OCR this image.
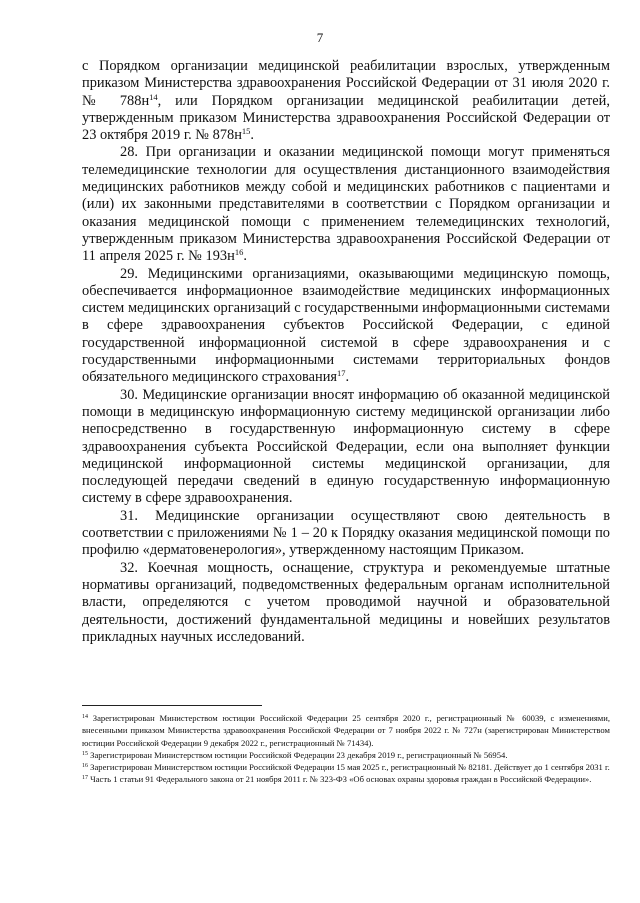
7

с Порядком организации медицинской реабилитации взрослых, утвержденным приказом Министерства здравоохранения Российской Федерации от 31 июля 2020 г. № $788н^{14}$, или Порядком организации медицинской реабилитации детей, утвержденным приказом Министерства здравоохранения Российской Федерации от 23 октября 2019 г. № $878н^{15}$.

28. При организации и оказании медицинской помощи могут применяться телемедицинские технологии для осуществления дистанционного взаимодействия медицинских работников между собой и медицинских работников с пациентами и (или) их законными представителями в соответствии с Порядком организации и оказания медицинской помощи с применением телемедицинских технологий, утвержденным приказом Министерства здравоохранения Российской Федерации от 11 апреля 2025 г. № $193н^{16}$.

29. Медицинскими организациями, оказывающими медицинскую помощь, обеспечивается информационное взаимодействие медицинских информационных систем медицинских организаций с государственными информационными системами в сфере здравоохранения субъектов Российской Федерации, с единой государственной информационной системой в сфере здравоохранения и с государственными информационными системами территориальных фондов обязательного медицинского страхования$^{17}$.

30. Медицинские организации вносят информацию об оказанной медицинской помощи в медицинскую информационную систему медицинской организации либо непосредственно в государственную информационную систему в сфере здравоохранения субъекта Российской Федерации, если она выполняет функции медицинской информационной системы медицинской организации, для последующей передачи сведений в единую государственную информационную систему в сфере здравоохранения.

31. Медицинские организации осуществляют свою деятельность в соответствии с приложениями № 1 – 20 к Порядку оказания медицинской помощи по профилю «дерматовенерология», утвержденному настоящим Приказом.

32. Коечная мощность, оснащение, структура и рекомендуемые штатные нормативы организаций, подведомственных федеральным органам исполнительной власти, определяются с учетом проводимой научной и образовательной деятельности, достижений фундаментальной медицины и новейших результатов прикладных научных исследований.

$^{14}$ Зарегистрирован Министерством юстиции Российской Федерации 25 сентября 2020 г., регистрационный № 60039, с изменениями, внесенными приказом Министерства здравоохранения Российской Федерации от 7 ноября 2022 г. № 727н (зарегистрирован Министерством юстиции Российской Федерации 9 декабря 2022 г., регистрационный № 71434).

$^{15}$ Зарегистрирован Министерством юстиции Российской Федерации 23 декабря 2019 г., регистрационный № 56954.

$^{16}$ Зарегистрирован Министерством юстиции Российской Федерации 15 мая 2025 г., регистрационный № 82181. Действует до 1 сентября 2031 г.

$^{17}$ Часть 1 статьи 91 Федерального закона от 21 ноября 2011 г. № 323-ФЗ «Об основах охраны здоровья граждан в Российской Федерации».
